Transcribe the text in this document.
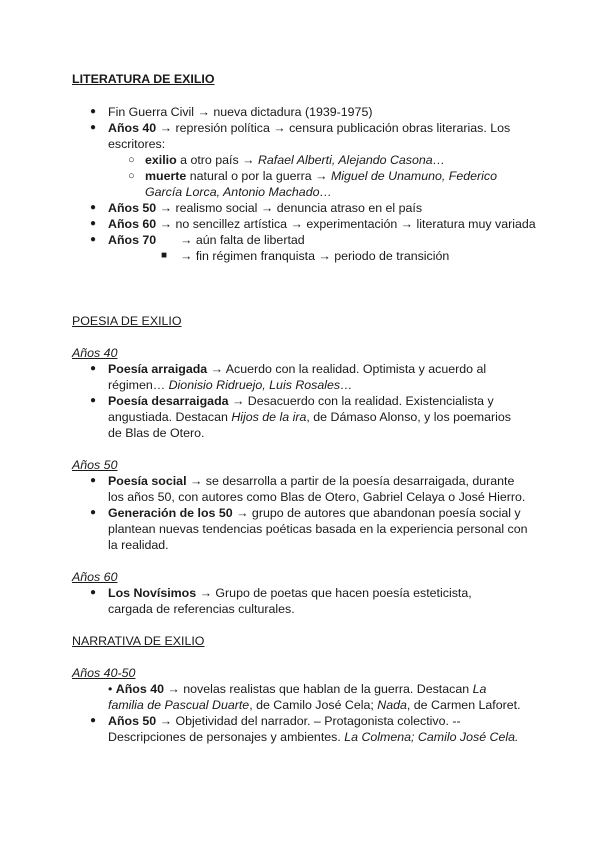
LITERATURA DE EXILIO
● Fin Guerra Civil → nueva dictadura (1939-1975)
● Años 40 → represión política → censura publicación obras literarias. Los escritores:
○ exilio a otro país → Rafael Alberti, Alejando Casona…
○ muerte natural o por la guerra → Miguel de Unamuno, Federico García Lorca, Antonio Machado…
● Años 50 → realismo social → denuncia atraso en el país
● Años 60 → no sencillez artística → experimentación → literatura muy variada
● Años 70	→ aún falta de libertad
■ → fin régimen franquista → periodo de transición
POESIA DE EXILIO
Años 40
● Poesía arraigada → Acuerdo con la realidad. Optimista y acuerdo al régimen… Dionisio Ridruejo, Luis Rosales…
● Poesía desarraigada → Desacuerdo con la realidad. Existencialista y angustiada. Destacan Hijos de la ira, de Dámaso Alonso, y los poemarios de Blas de Otero.
Años 50
● Poesía social → se desarrolla a partir de la poesía desarraigada, durante los años 50, con autores como Blas de Otero, Gabriel Celaya o José Hierro.
● Generación de los 50 → grupo de autores que abandonan poesía social y plantean nuevas tendencias poéticas basada en la experiencia personal con la realidad.
Años 60
● Los Novísimos → Grupo de poetas que hacen poesía esteticista, cargada de referencias culturales.
NARRATIVA DE EXILIO
Años 40-50
• Años 40 → novelas realistas que hablan de la guerra. Destacan La familia de Pascual Duarte, de Camilo José Cela; Nada, de Carmen Laforet.
● Años 50 → Objetividad del narrador. – Protagonista colectivo. -- Descripciones de personajes y ambientes. La Colmena; Camilo José Cela.
